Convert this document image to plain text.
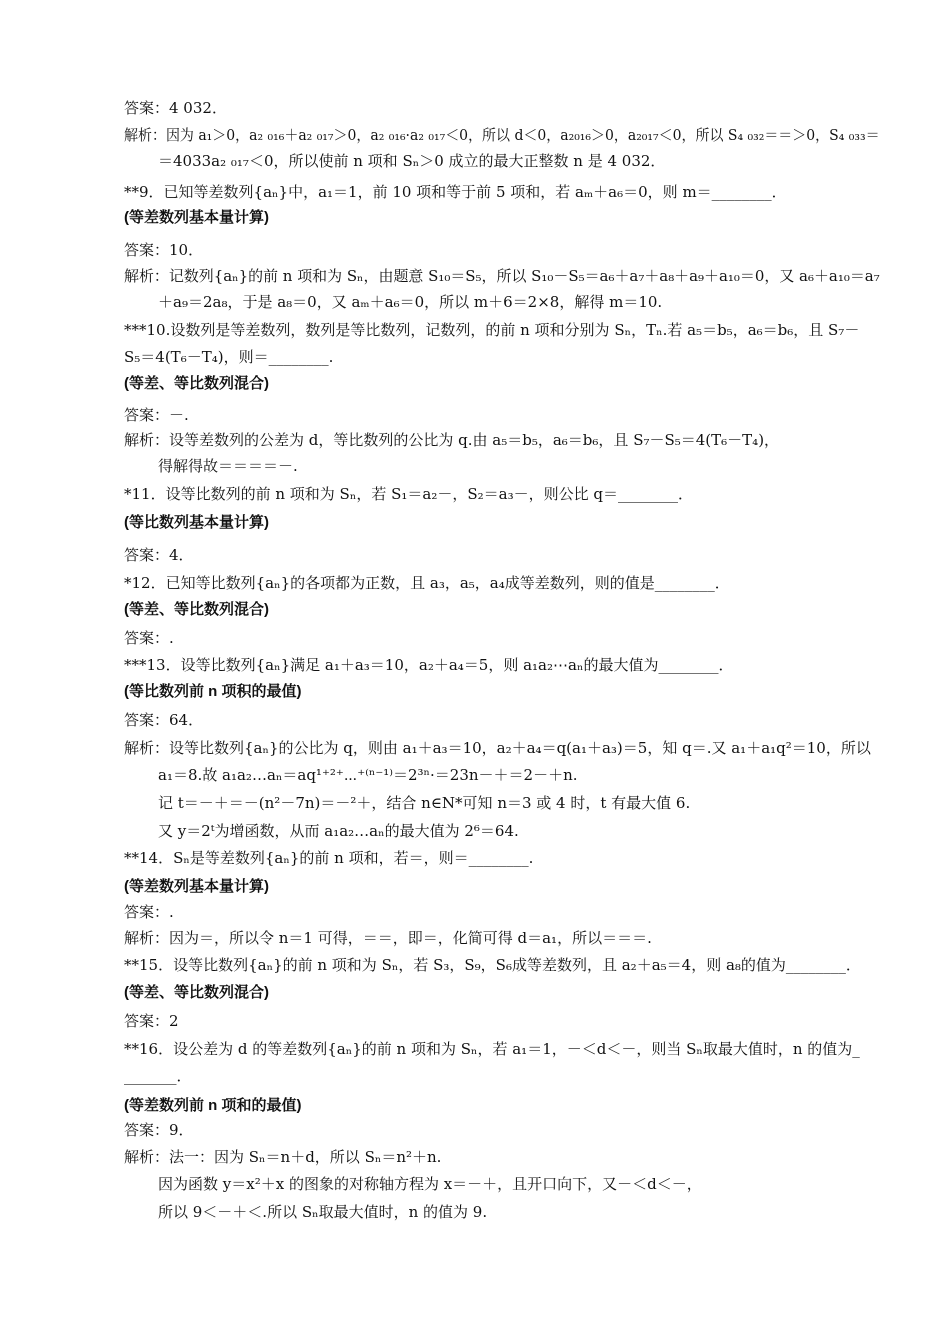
答案：4 032．
解析：因为 a₁＞0，a₂ ₀₁₆＋a₂ ₀₁₇＞0，a₂ ₀₁₆·a₂ ₀₁₇＜0，所以 d＜0，a₂₀₁₆＞0，a₂₀₁₇＜0，所以 S₄ ₀₃₂＝＝＞0，S₄ ₀₃₃＝
＝4033a₂ ₀₁₇＜0，所以使前 n 项和 Sₙ＞0 成立的最大正整数 n 是 4 032．
**9．已知等差数列{aₙ}中，a₁＝1，前 10 项和等于前 5 项和，若 aₘ＋a₆＝0，则 m＝________．
(等差数列基本量计算)
答案：10．
解析：记数列{aₙ}的前 n 项和为 Sₙ，由题意 S₁₀＝S₅，所以 S₁₀－S₅＝a₆＋a₇＋a₈＋a₉＋a₁₀＝0，又 a₆＋a₁₀＝a₇
＋a₉＝2a₈，于是 a₈＝0，又 aₘ＋a₆＝0，所以 m＋6＝2×8，解得 m＝10.
***10.设数列是等差数列，数列是等比数列，记数列，的前 n 项和分别为 Sₙ，Tₙ.若 a₅＝b₅，a₆＝b₆，且 S₇－
S₅＝4(T₆－T₄)，则＝________.
(等差、等比数列混合)
答案：－.
解析：设等差数列的公差为 d，等比数列的公比为 q.由 a₅＝b₅，a₆＝b₆，且 S₇－S₅＝4(T₆－T₄)，
得解得故＝＝＝＝－.
*11．设等比数列的前 n 项和为 Sₙ，若 S₁＝a₂－，S₂＝a₃－，则公比 q＝________．
(等比数列基本量计算)
答案：4．
*12．已知等比数列{aₙ}的各项都为正数，且 a₃，a₅，a₄成等差数列，则的值是________．
(等差、等比数列混合)
答案：.
***13．设等比数列{aₙ}满足 a₁＋a₃＝10，a₂＋a₄＝5，则 a₁a₂⋯aₙ的最大值为________．
(等比数列前 n 项积的最值)
答案：64．
解析：设等比数列{aₙ}的公比为 q，则由 a₁＋a₃＝10，a₂＋a₄＝q(a₁＋a₃)＝5，知 q＝.又 a₁＋a₁q²＝10，所以
a₁＝8.故 a₁a₂…aₙ＝aq¹⁺²⁺⋯⁺⁽ⁿ⁻¹⁾＝2³ⁿ·＝23n－＋＝2－＋n.
记 t＝－＋＝－(n²－7n)＝－²＋，结合 n∈N*可知 n＝3 或 4 时，t 有最大值 6.
又 y＝2ᵗ为增函数，从而 a₁a₂…aₙ的最大值为 2⁶＝64.
**14．Sₙ是等差数列{aₙ}的前 n 项和，若＝，则＝________.
(等差数列基本量计算)
答案：.
解析：因为＝，所以令 n＝1 可得，＝＝，即＝，化简可得 d＝a₁，所以＝＝＝.
**15．设等比数列{aₙ}的前 n 项和为 Sₙ，若 S₃，S₉，S₆成等差数列，且 a₂＋a₅＝4，则 a₈的值为________．
(等差、等比数列混合)
答案：2
**16．设公差为 d 的等差数列{aₙ}的前 n 项和为 Sₙ，若 a₁＝1，－＜d＜－，则当 Sₙ取最大值时，n 的值为_
_______．
(等差数列前 n 项和的最值)
答案：9．
解析：法一：因为 Sₙ＝n＋d，所以 Sₙ＝n²＋n.
因为函数 y＝x²＋x 的图象的对称轴方程为 x＝－＋，且开口向下，又－＜d＜－，
所以 9＜－＋＜.所以 Sₙ取最大值时，n 的值为 9.
